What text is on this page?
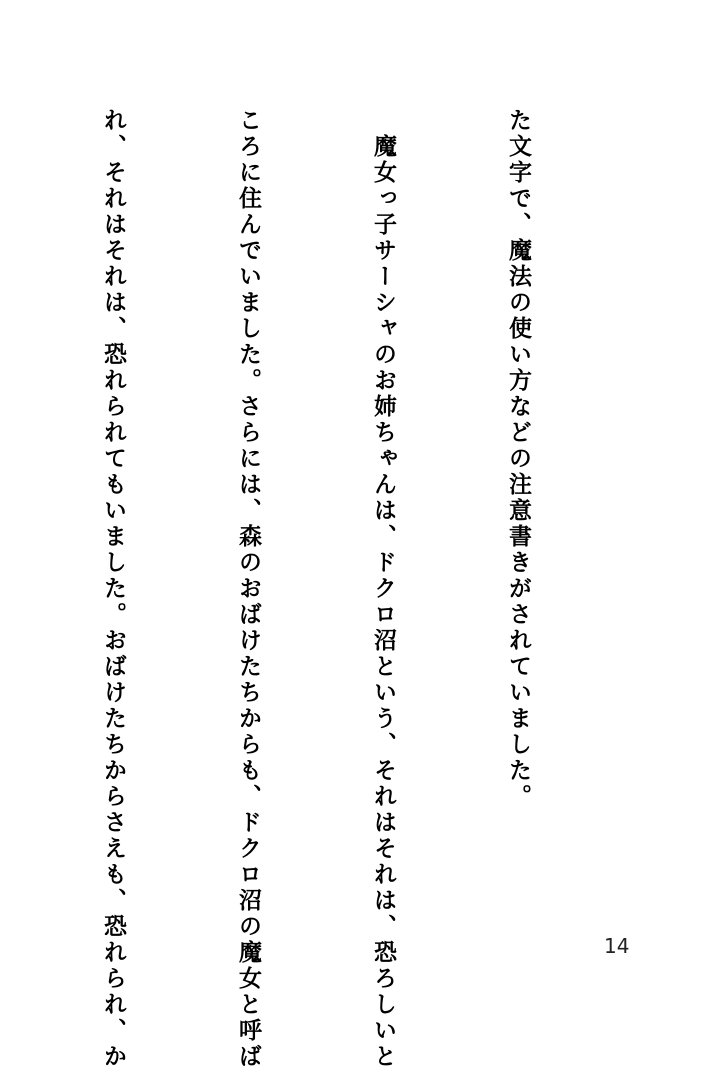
た文字で、魔法の使い方などの注意書きがされていました。

　魔女っ子サーシャのお姉ちゃんは、ドクロ沼という、それはそれは、恐ろしいと

ころに住んでいました。さらには、森のおばけたちからも、ドクロ沼の魔女と呼ば

れ、それはそれは、恐れられてもいました。おばけたちからさえも、恐れられ、か

	14
